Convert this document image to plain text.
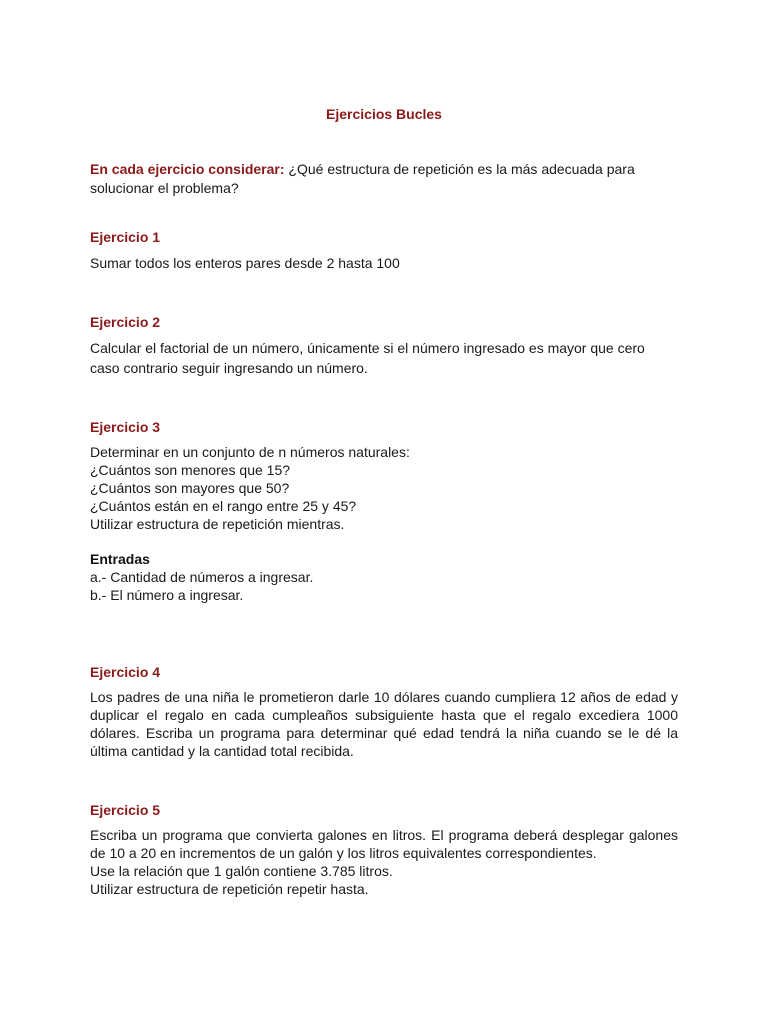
Ejercicios Bucles
En cada ejercicio considerar: ¿Qué estructura de repetición es la más adecuada para solucionar el problema?
Ejercicio 1
Sumar todos los enteros pares desde 2 hasta 100
Ejercicio 2
Calcular el factorial de un número, únicamente si el número ingresado es mayor que cero caso contrario seguir ingresando un número.
Ejercicio 3
Determinar en un conjunto de n números naturales:
¿Cuántos son menores que 15?
¿Cuántos son mayores que 50?
¿Cuántos están en el rango entre 25 y 45?
Utilizar estructura de repetición mientras.
Entradas
a.- Cantidad de números a ingresar.
b.- El número a ingresar.
Ejercicio 4
Los padres de una niña le prometieron darle 10 dólares cuando cumpliera 12 años de edad y duplicar el regalo en cada cumpleaños subsiguiente hasta que el regalo excediera 1000 dólares. Escriba un programa para determinar qué edad tendrá la niña cuando se le dé la última cantidad y la cantidad total recibida.
Ejercicio 5
Escriba un programa que convierta galones en litros. El programa deberá desplegar galones de 10 a 20 en incrementos de un galón y los litros equivalentes correspondientes.
Use la relación que 1 galón contiene 3.785 litros.
Utilizar estructura de repetición repetir hasta.
